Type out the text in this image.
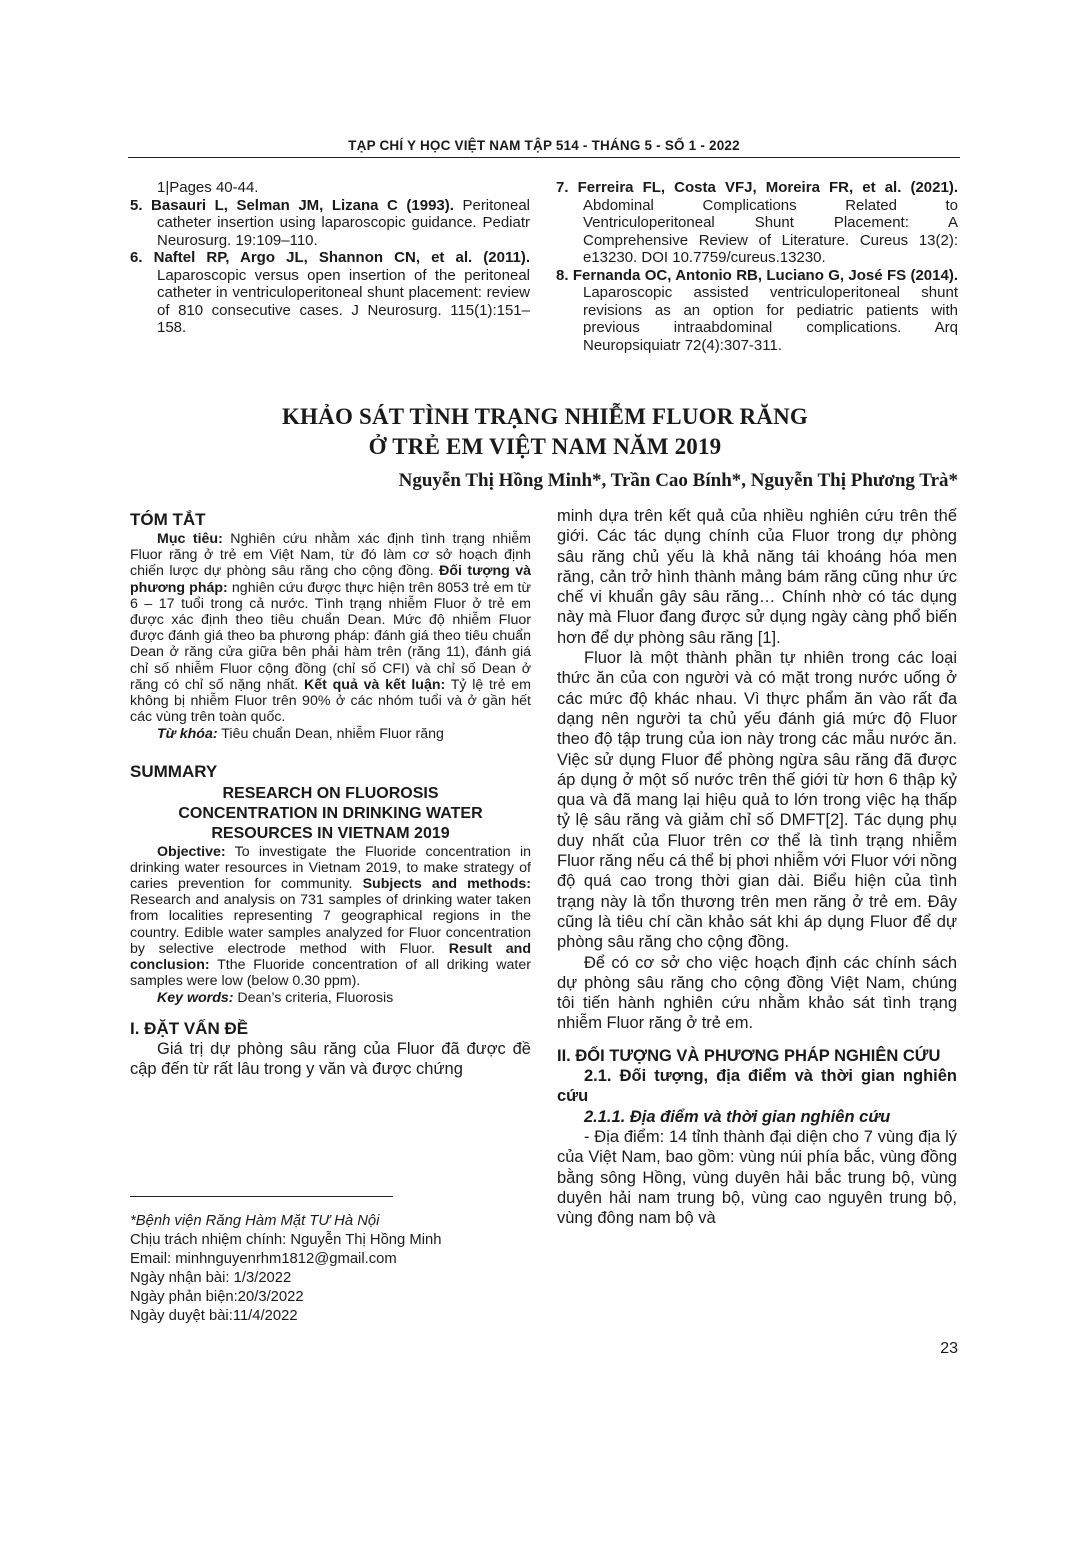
TẠP CHÍ Y HỌC VIỆT NAM TẬP 514 - THÁNG 5 - SỐ 1 - 2022

1|Pages 40-44.

5. Basauri L, Selman JM, Lizana C (1993). Peritoneal catheter insertion using laparoscopic guidance. Pediatr Neurosurg. 19:109–110.

6. Naftel RP, Argo JL, Shannon CN, et al. (2011). Laparoscopic versus open insertion of the peritoneal catheter in ventriculoperitoneal shunt placement: review of 810 consecutive cases. J Neurosurg. 115(1):151–158.

7. Ferreira FL, Costa VFJ, Moreira FR, et al. (2021). Abdominal Complications Related to Ventriculoperitoneal Shunt Placement: A Comprehensive Review of Literature. Cureus 13(2): e13230. DOI 10.7759/cureus.13230.

8. Fernanda OC, Antonio RB, Luciano G, José FS (2014). Laparoscopic assisted ventriculoperitoneal shunt revisions as an option for pediatric patients with previous intraabdominal complications. Arq Neuropsiquiatr 72(4):307-311.

KHẢO SÁT TÌNH TRẠNG NHIỄM FLUOR RĂNG
Ở TRẺ EM VIỆT NAM NĂM 2019
Nguyễn Thị Hồng Minh*, Trần Cao Bính*, Nguyễn Thị Phương Trà*

TÓM TẮT

Mục tiêu: Nghiên cứu nhằm xác định tình trạng nhiễm Fluor răng ở trẻ em Việt Nam, từ đó làm cơ sở hoạch định chiến lược dự phòng sâu răng cho cộng đồng. Đối tượng và phương pháp: nghiên cứu được thực hiện trên 8053 trẻ em từ 6 – 17 tuổi trong cả nước. Tình trạng nhiễm Fluor ở trẻ em được xác định theo tiêu chuẩn Dean. Mức độ nhiễm Fluor được đánh giá theo ba phương pháp: đánh giá theo tiêu chuẩn Dean ở răng cửa giữa bên phải hàm trên (răng 11), đánh giá chỉ số nhiễm Fluor cộng đồng (chỉ số CFI) và chỉ số Dean ở răng có chỉ số nặng nhất. Kết quả và kết luận: Tỷ lệ trẻ em không bị nhiễm Fluor trên 90% ở các nhóm tuổi và ở gần hết các vùng trên toàn quốc.

Từ khóa: Tiêu chuẩn Dean, nhiễm Fluor răng

SUMMARY

RESEARCH ON FLUOROSIS

CONCENTRATION IN DRINKING WATER

RESOURCES IN VIETNAM 2019

Objective: To investigate the Fluoride concentration in drinking water resources in Vietnam 2019, to make strategy of caries prevention for community. Subjects and methods: Research and analysis on 731 samples of drinking water taken from localities representing 7 geographical regions in the country. Edible water samples analyzed for Fluor concentration by selective electrode method with Fluor. Result and conclusion: Tthe Fluoride concentration of all driking water samples were low (below 0.30 ppm).

Key words: Dean’s criteria, Fluorosis

I. ĐẶT VẤN ĐỀ

Giá trị dự phòng sâu răng của Fluor đã được đề cập đến từ rất lâu trong y văn và được chứng

*Bệnh viện Răng Hàm Mặt TƯ Hà Nội
Chịu trách nhiệm chính: Nguyễn Thị Hồng Minh
Email: minhnguyenrhm1812@gmail.com
Ngày nhận bài: 1/3/2022
Ngày phản biện:20/3/2022
Ngày duyệt bài:11/4/2022

minh dựa trên kết quả của nhiều nghiên cứu trên thế giới. Các tác dụng chính của Fluor trong dự phòng sâu răng chủ yếu là khả năng tái khoáng hóa men răng, cản trở hình thành mảng bám răng cũng như ức chế vi khuẩn gây sâu răng… Chính nhờ có tác dụng này mà Fluor đang được sử dụng ngày càng phổ biến hơn để dự phòng sâu răng [1].

Fluor là một thành phần tự nhiên trong các loại thức ăn của con người và có mặt trong nước uống ở các mức độ khác nhau. Vì thực phẩm ăn vào rất đa dạng nên người ta chủ yếu đánh giá mức độ Fluor theo độ tập trung của ion này trong các mẫu nước ăn. Việc sử dụng Fluor để phòng ngừa sâu răng đã được áp dụng ở một số nước trên thế giới từ hơn 6 thập kỷ qua và đã mang lại hiệu quả to lớn trong việc hạ thấp tỷ lệ sâu răng và giảm chỉ số DMFT[2]. Tác dụng phụ duy nhất của Fluor trên cơ thể là tình trạng nhiễm Fluor răng nếu cá thể bị phơi nhiễm với Fluor với nồng độ quá cao trong thời gian dài. Biểu hiện của tình trạng này là tổn thương trên men răng ở trẻ em. Đây cũng là tiêu chí cần khảo sát khi áp dụng Fluor để dự phòng sâu răng cho cộng đồng.

Để có cơ sở cho việc hoạch định các chính sách dự phòng sâu răng cho cộng đồng Việt Nam, chúng tôi tiến hành nghiên cứu nhằm khảo sát tình trạng nhiễm Fluor răng ở trẻ em.

II. ĐỐI TƯỢNG VÀ PHƯƠNG PHÁP NGHIÊN CỨU

2.1. Đối tượng, địa điểm và thời gian nghiên cứu

2.1.1. Địa điểm và thời gian nghiên cứu

- Địa điểm: 14 tỉnh thành đại diện cho 7 vùng địa lý của Việt Nam, bao gồm: vùng núi phía bắc, vùng đồng bằng sông Hồng, vùng duyên hải bắc trung bộ, vùng duyên hải nam trung bộ, vùng cao nguyên trung bộ, vùng đông nam bộ và

23
